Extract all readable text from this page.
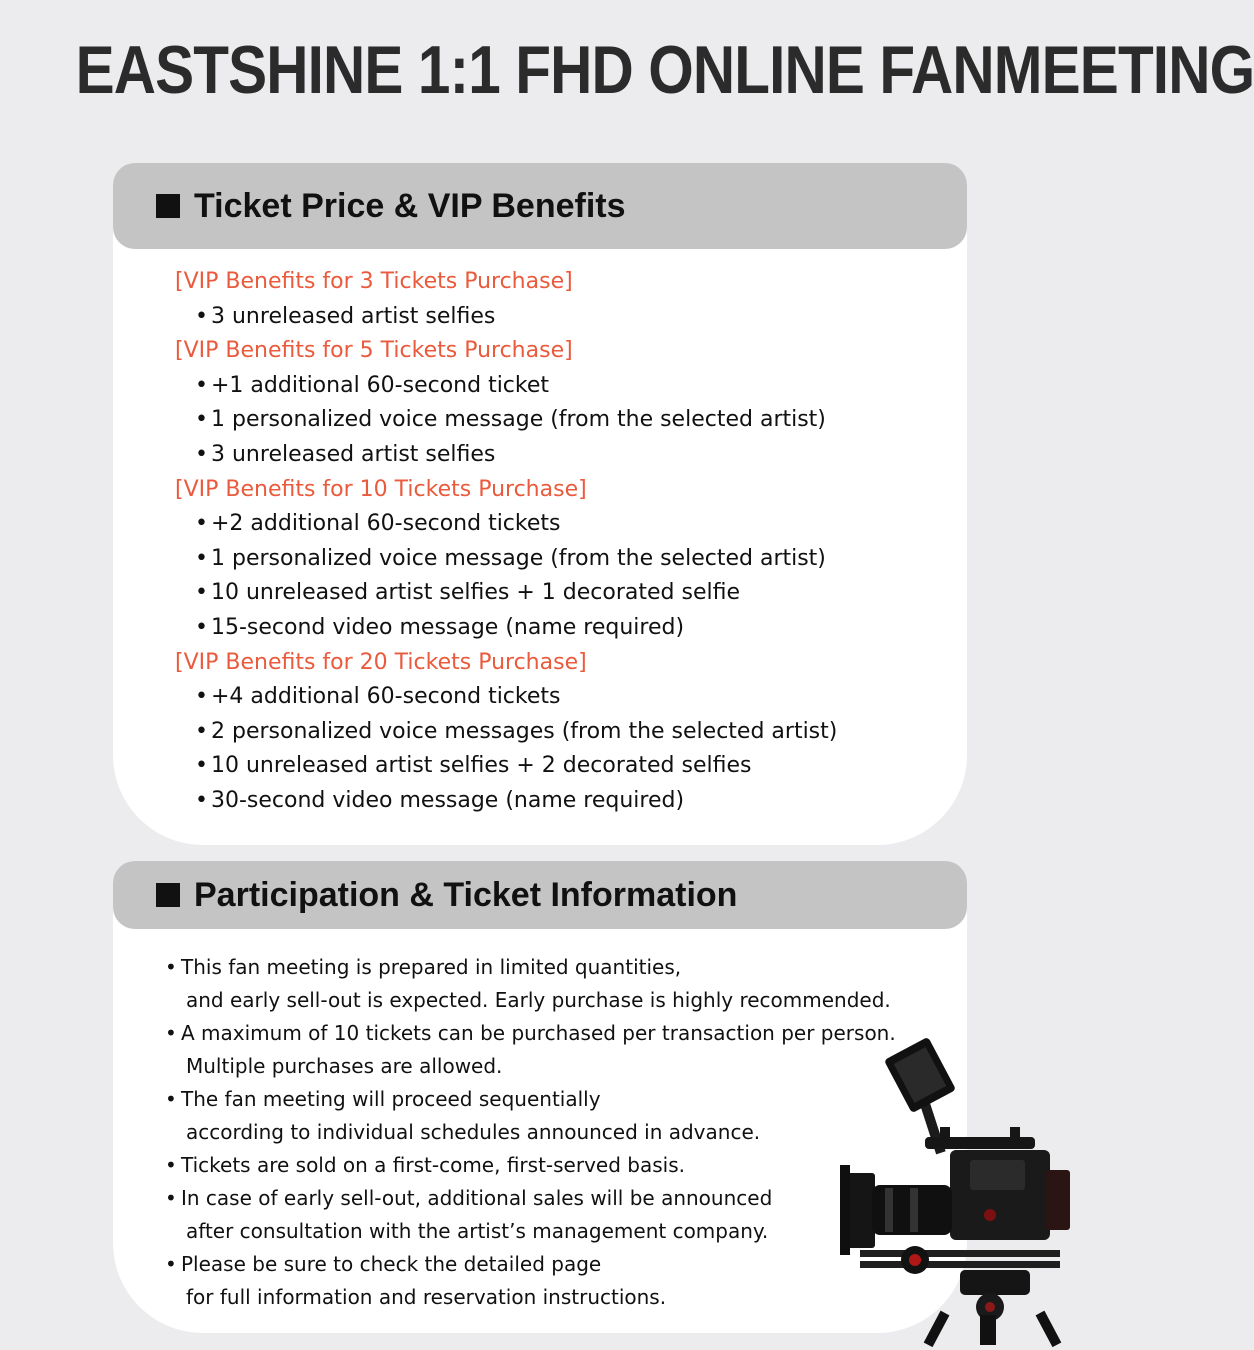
EASTSHINE 1:1 FHD ONLINE FANMEETING
Ticket Price & VIP Benefits
[VIP Benefits for 3 Tickets Purchase]
• 3 unreleased artist selfies
[VIP Benefits for 5 Tickets Purchase]
• +1 additional 60-second ticket
• 1 personalized voice message (from the selected artist)
• 3 unreleased artist selfies
[VIP Benefits for 10 Tickets Purchase]
• +2 additional 60-second tickets
• 1 personalized voice message (from the selected artist)
• 10 unreleased artist selfies + 1 decorated selfie
• 15-second video message (name required)
[VIP Benefits for 20 Tickets Purchase]
• +4 additional 60-second tickets
• 2 personalized voice messages (from the selected artist)
• 10 unreleased artist selfies + 2 decorated selfies
• 30-second video message (name required)
Participation & Ticket Information
• This fan meeting is prepared in limited quantities,
and early sell-out is expected. Early purchase is highly recommended.
• A maximum of 10 tickets can be purchased per transaction per person.
Multiple purchases are allowed.
• The fan meeting will proceed sequentially
according to individual schedules announced in advance.
• Tickets are sold on a first-come, first-served basis.
• In case of early sell-out, additional sales will be announced
after consultation with the artist’s management company.
• Please be sure to check the detailed page
for full information and reservation instructions.
